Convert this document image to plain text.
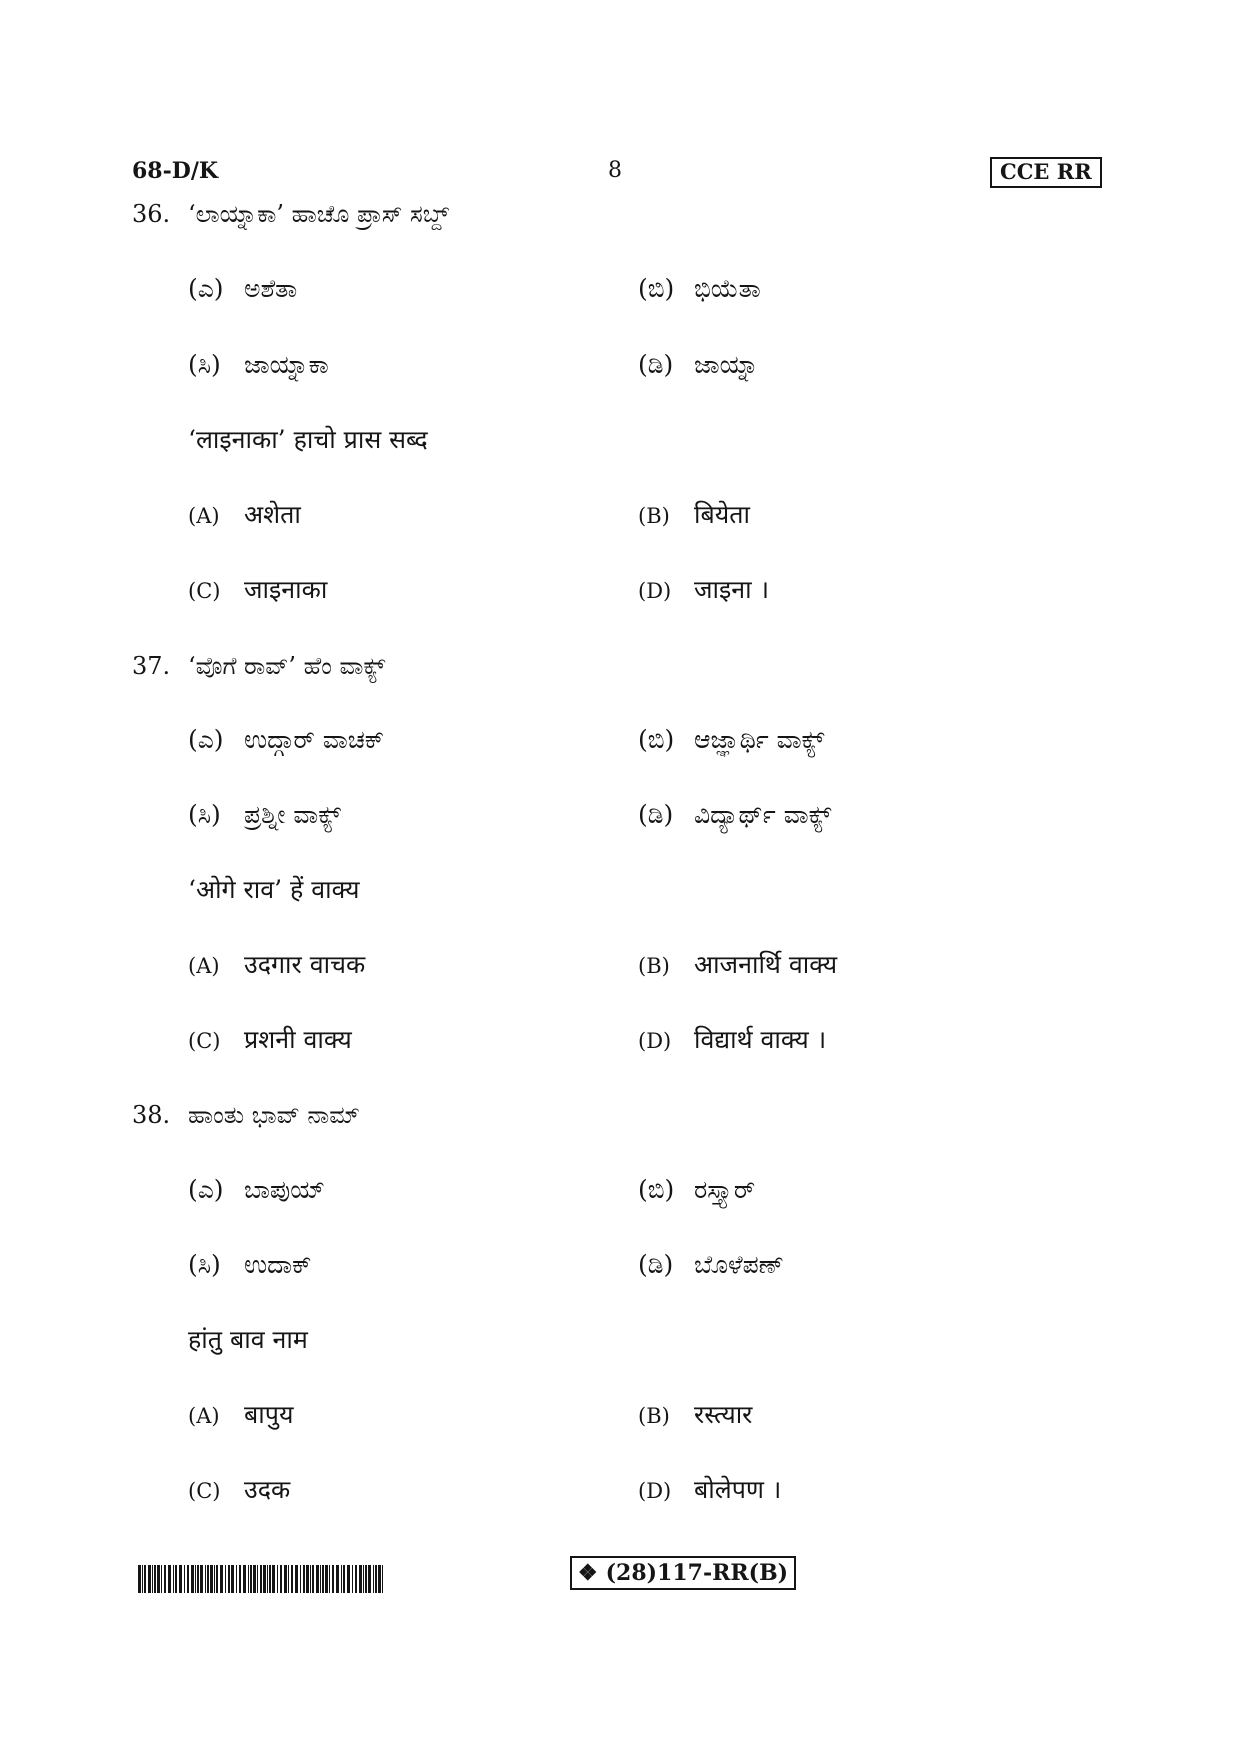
68-D/K	8	CCE RR
36. ‘ಲಾಯ್ನಾಕಾ’ ಹಾಚೊ ಪ್ರಾಸ್ ಸಬ್ದ್
(ಎ) ಅಶೆತಾ	(ಬಿ) ಭಿಯೆತಾ
(ಸಿ) ಜಾಯ್ನಾಕಾ	(ಡಿ) ಜಾಯ್ನಾ
‘लाइनाका’ हाचो प्रास सब्द
(A) अशेता	(B) बियेता
(C) जाइनाका	(D) जाइना ।
37. ‘ವೊಗೆ ರಾವ್’ ಹೆಂ ವಾಕ್ಯ್
(ಎ) ಉದ್ಗಾರ್ ವಾಚಕ್	(ಬಿ) ಆಜ್ಞಾರ್ಥಿ ವಾಕ್ಯ್
(ಸಿ) ಪ್ರಶ್ನೀ ವಾಕ್ಯ್	(ಡಿ) ವಿದ್ಯಾರ್ಥ್ ವಾಕ್ಯ್
‘ओगे राव’ हें वाक्य
(A) उदगार वाचक	(B) आजनार्थि वाक्य
(C) प्रशनी वाक्य	(D) विद्यार्थ वाक्य ।
38. ಹಾಂತು ಭಾವ್ ನಾಮ್
(ಎ) ಬಾಪುಯ್	(ಬಿ) ರಸ್ತ್ಯಾರ್
(ಸಿ) ಉದಾಕ್	(ಡಿ) ಬೊಳೆಪಣ್
हांतु बाव नाम
(A) बापुय	(B) रस्त्यार
(C) उदक	(D) बोलेपण ।
❖ (28)117-RR(B)
